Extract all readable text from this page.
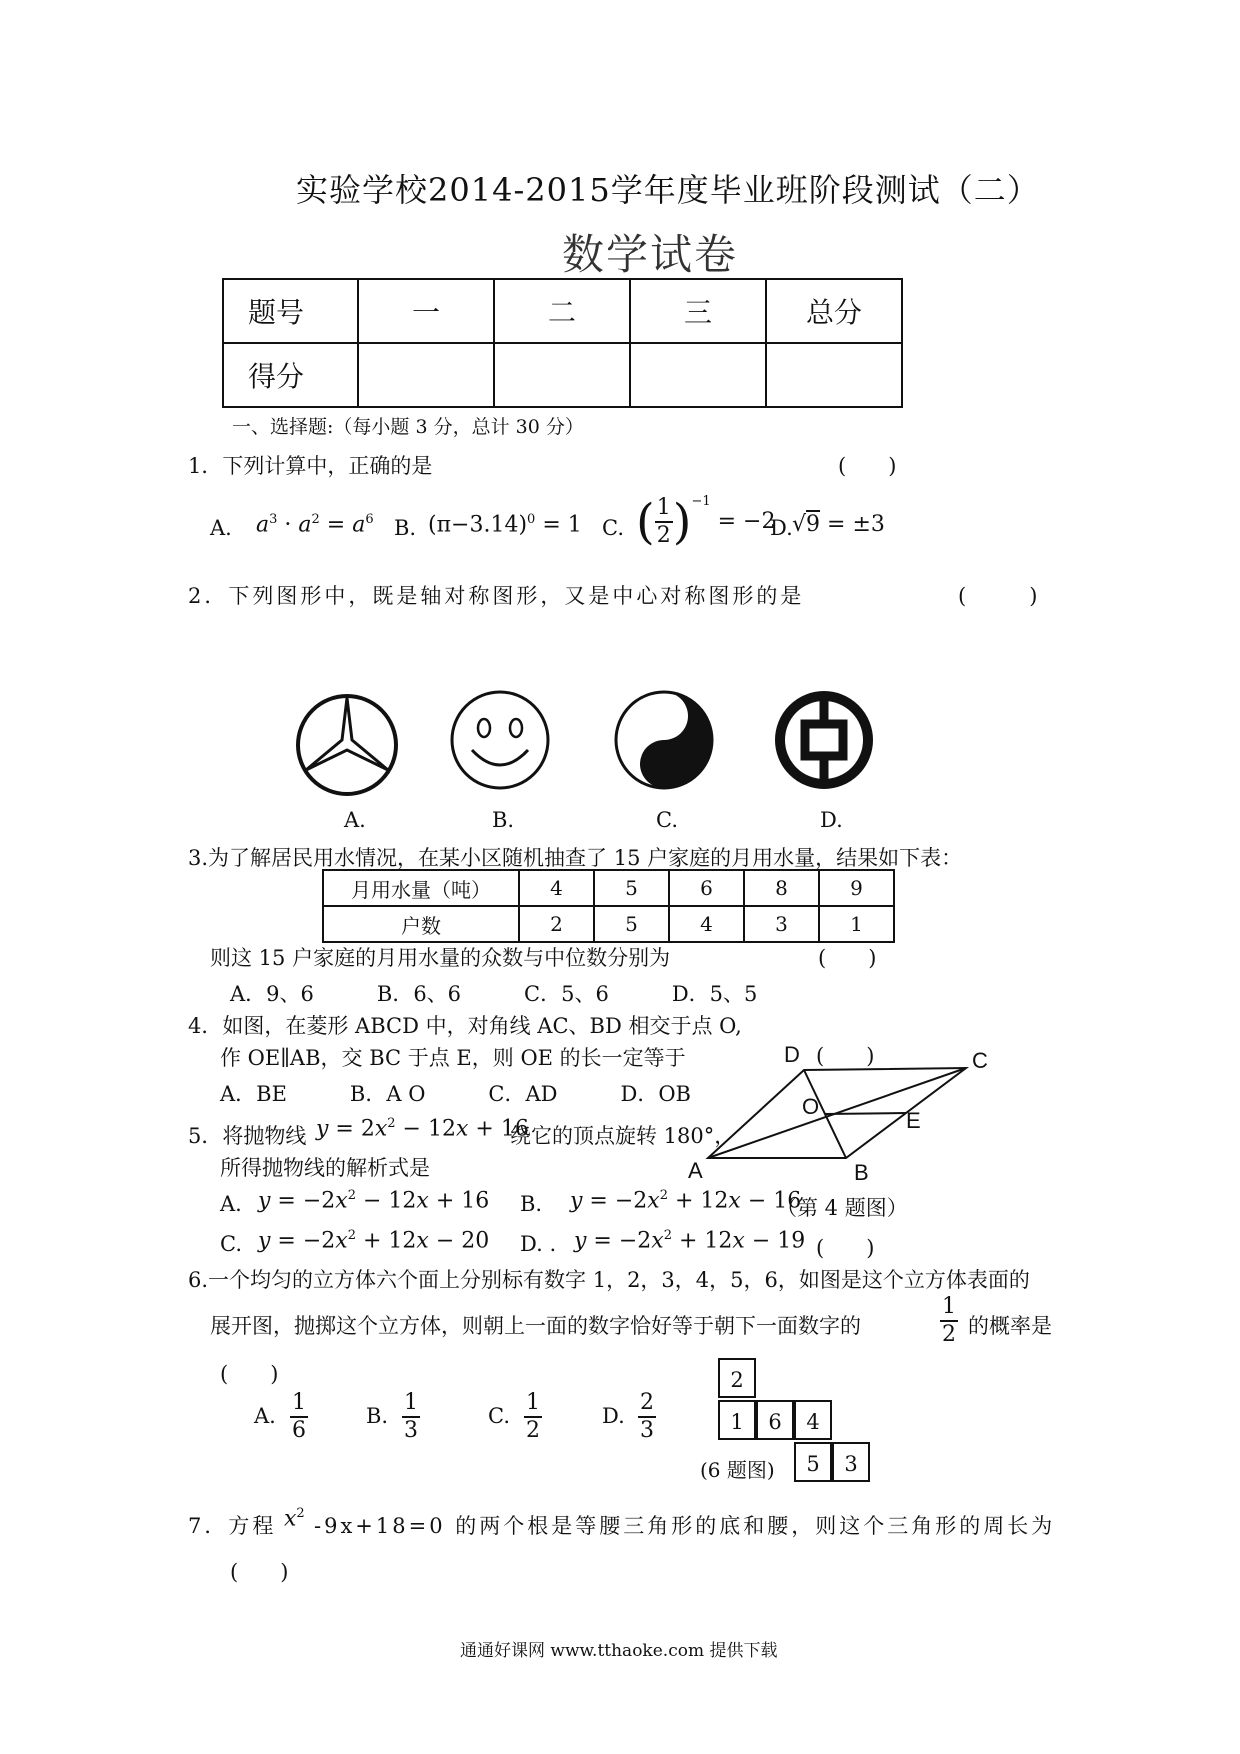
实验学校2014-2015学年度毕业班阶段测试（二）
数学试卷
题号	一	二	三	总分
得分				
一、选择题:（每小题 3 分，总计 30 分）
1．下列计算中，正确的是	(　　)
A. $a^3 \cdot a^2 = a^6$ B. $(\pi-3.14)^0 = 1$ C. ( $\frac{1}{2} )^{-1} = -2$
D. √9 = ±3
2．下列图形中，既是轴对称图形，又是中心对称图形的是	(　　　)
A.	B.	C.	D.
3.为了解居民用水情况，在某小区随机抽查了 15 户家庭的月用水量，结果如下表：
月用水量（吨）	4	5	6	8	9
户数	2	5	4	3	1
则这 15 户家庭的月用水量的众数与中位数分别为	(　　)
A．9、6　　　B．6、6　　　C．5、6　　　D．5、5
4．如图，在菱形 ABCD 中，对角线 AC、BD 相交于点 O,
作 OE∥AB，交 BC 于点 E，则 OE 的长一定等于	(　　)
A．BE　　　B．A O　　　C．AD　　　D．OB
D	C
O
E
A	B
5．将抛物线 $y = 2x^2 - 12x + 16$
绕它的顶点旋转 180°，
所得抛物线的解析式是
A. $y = -2x^2 - 12x + 16$ B. $y = -2x^2 + 12x - 16$
（第 4 题图）
C. $y = -2x^2 + 12x - 20$ D. . $y = -2x^2 + 12x - 19$ (　　)
6.一个均匀的立方体六个面上分别标有数字 1，2，3，4，5，6，如图是这个立方体表面的
展开图，抛掷这个立方体，则朝上一面的数字恰好等于朝下一面数字的	$\frac{1}{2}$ 的概率是
(　　)
A. $\frac{1}{6}$	B. $\frac{1}{3}$	C. $\frac{1}{2}$	D. $\frac{2}{3}$
2
1	6	4
5	3
(6 题图)
7．方程 $x^2$
-9x+18=0 的两个根是等腰三角形的底和腰，则这个三角形的周长为
(　　)
通通好课网 www.tthaoke.com 提供下载
